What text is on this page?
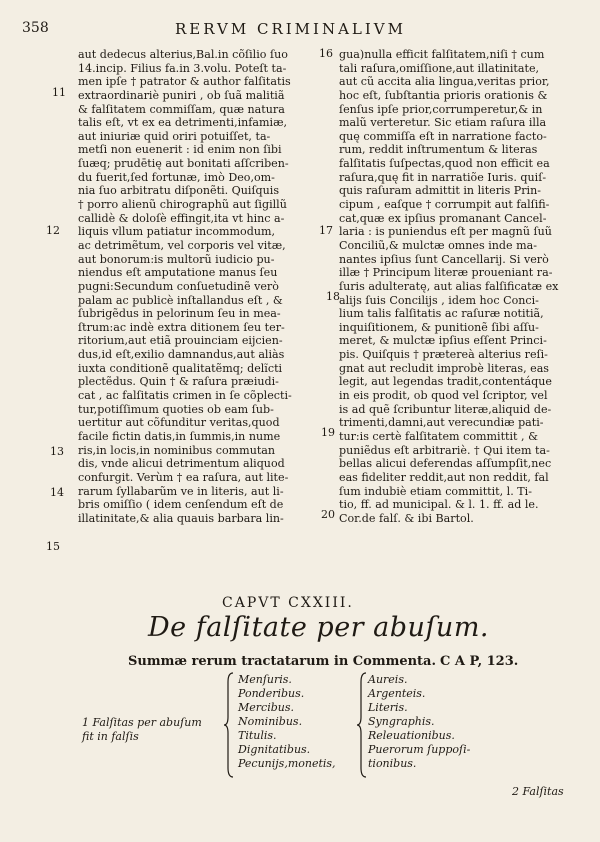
358	RERVM CRIMINALIVM
aut dedecus alterius,Bal.in cõſilio ſuo
14.incip. Filius fa.in 3.volu. Poteſt ta-
men ipſe † patrator & author falſitatis
extraordinariè puniri , ob ſuã malitiã
& falſitatem commiſſam, quæ natura
talis eſt, vt ex ea detrimenti,infamiæ,
aut iniuriæ quid oriri potuiſſet, ta-
metſi non euenerit : id enim non ſibi
ſuæq; prudētię aut bonitati aſſcriben-
du fuerit,ſed fortunæ, imò Deo,om-
nia ſuo arbitratu diſponẽti. Quiſquis
† porro alienũ chirographũ aut ſigillũ
callidè & doloſè effingit,ita vt hinc a-
liquis vllum patiatur incommodum,
ac detrimẽtum, vel corporis vel vitæ,
aut bonorum:is multorũ iudicio pu-
niendus eſt amputatione manus ſeu
pugni:Secundum conſuetudinẽ verò
palam ac publicè inſtallandus eſt , &
ſubrigẽdus in pelorinum ſeu in mea-
ſtrum:ac indè extra ditionem ſeu ter-
ritorium,aut etiã prouinciam eijcien-
dus,id eſt,exilio damnandus,aut aliàs
iuxta conditionẽ qualitatẽmq; delĩcti
plectẽdus. Quin † & raſura præiudi-
cat , ac falſitatis crimen in ſe cõplecti-
tur,potiſſimum quoties ob eam ſub-
uertitur aut cõfunditur veritas,quod
facile fictin datis,in ſummis,in nume
ris,in locis,in nominibus commutan
dis, vnde alicui detrimentum aliquod
confurgit. Verùm † ea raſura, aut lite-
rarum ſyllabarũm ve in literis, aut li-
bris omiſſio ( idem cenſendum eſt de
illatinitate,& alia quauis barbara lin-
gua)nulla efficit falſitatem,niſi † cum
tali raſura,omiſſione,aut illatinitate,
aut cũ accita alia lingua,veritas prior,
hoc eſt, ſubſtantia prioris orationis &
ſenſus ipſe prior,corrumperetur,& in
malũ verteretur. Sic etiam raſura illa
quę commiſſa eſt in narratione facto-
rum, reddit inſtrumentum & literas
falſitatis ſuſpectas,quod non efficit ea
raſura,quę fit in narratiõe Iuris. quiſ-
quis raſuram admittit in literis Prin-
cipum , eaſque † corrumpit aut falſifi-
cat,quæ ex ipſius promanant Cancel-
laria : is puniendus eſt per magnũ ſuũ
Conciliũ,& mulctæ omnes inde ma-
nantes ipſius ſunt Cancellarij. Si verò
illæ † Principum literæ proueniant ra-
ſuris adulteratę, aut alias falſificatæ ex
alijs ſuis Concilijs , idem hoc Conci-
lium talis falſitatis ac raſuræ notitiã,
inquiſitionem, & punitionẽ ſibi aſſu-
meret, & mulctæ ipſius eſſent Princi-
pis. Quiſquis † prætereà alterius reſi-
gnat aut recludit improbè literas, eas
legit, aut legendas tradit,contentáque
in eis prodit, ob quod vel ſcriptor, vel
is ad quẽ ſcribuntur literæ,aliquid de-
trimenti,damni,aut verecundiæ pati-
tur:is certè falſitatem committit , &
puniẽdus eſt arbitrariè. † Qui item ta-
bellas alicui deferendas aſſumpſit,nec
eas fideliter reddit,aut non reddit, fal
ſum indubiè etiam committit, l. Ti-
tio, ff. ad municipal. & l. 1. ff. ad le.
Cor.de falſ. & ibi Bartol.
11
12
13
14
15
16
17
18
19
20
CAPVT CXXIII.
De falſitate per abuſum.
Summæ rerum tractatarum in Commenta. C A P, 123.
1 Falſitas per abuſum
fit in falſis
Menſuris.
Ponderibus.
Mercibus.
Nominibus.
Titulis.
Dignitatibus.
Pecunijs,monetis,
Aureis.
Argenteis.
Literis.
Syngraphis.
Releuationibus.
Puerorum ſuppoſi-
tionibus.
2 Falſitas
